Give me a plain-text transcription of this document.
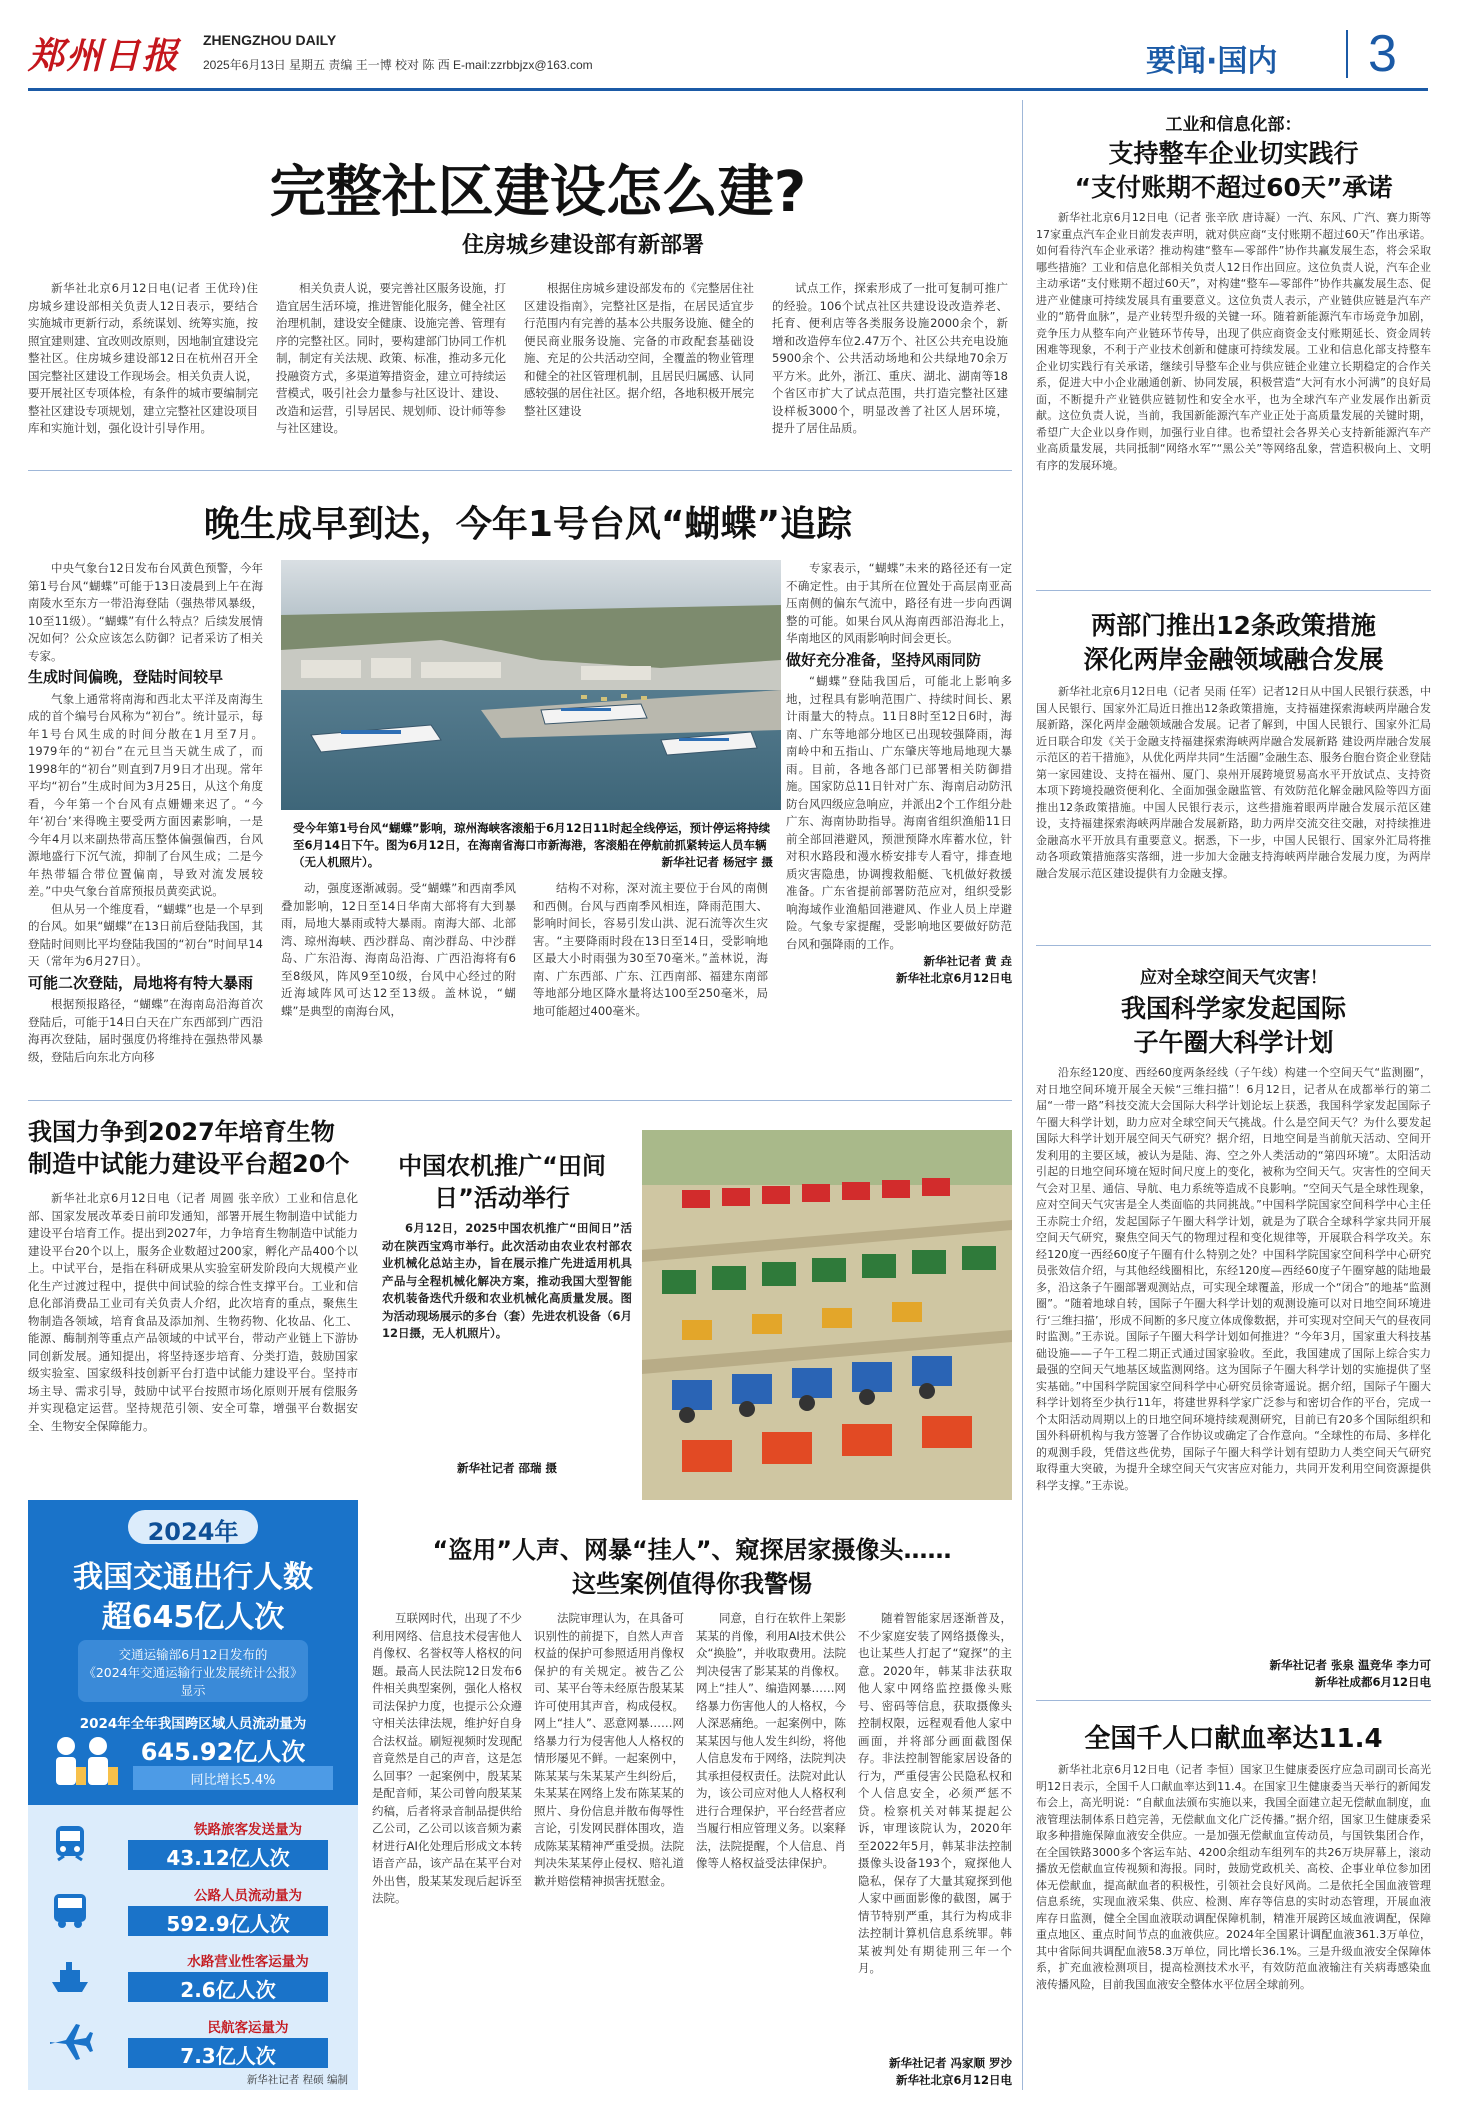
郑州日报 ZHENGZHOU DAILY
2025年6月13日 星期五 责编 王一博 校对 陈 西 E-mail:zzrbbjzx@163.com	要闻·国内 3
完整社区建设怎么建?
住房城乡建设部有新部署

新华社北京6月12日电(记者 王优玲)住房城乡建设部相关负责人12日表示，要结合实施城市更新行动，系统谋划、统筹实施，按照宜建则建、宜改则改原则，因地制宜建设完整社区。住房城乡建设部12日在杭州召开全国完整社区建设工作现场会。相关负责人说，要开展社区专项体检，有条件的城市要编制完整社区建设专项规划，建立完整社区建设项目库和实施计划，强化设计引导作用。

相关负责人说，要完善社区服务设施，打造宜居生活环境，推进智能化服务，健全社区治理机制，建设安全健康、设施完善、管理有序的完整社区。同时，要构建部门协同工作机制，制定有关法规、政策、标准，推动多元化投融资方式，多渠道筹措资金，建立可持续运营模式，吸引社会力量参与社区设计、建设、改造和运营，引导居民、规划师、设计师等参与社区建设。

根据住房城乡建设部发布的《完整居住社区建设指南》，完整社区是指，在居民适宜步行范围内有完善的基本公共服务设施、健全的便民商业服务设施、完备的市政配套基础设施、充足的公共活动空间，全覆盖的物业管理和健全的社区管理机制，且居民归属感、认同感较强的居住社区。据介绍，各地积极开展完整社区建设

试点工作，探索形成了一批可复制可推广的经验。106个试点社区共建设设改造养老、托育、便利店等各类服务设施2000余个，新增和改造停车位2.47万个、社区公共充电设施5900余个、公共活动场地和公共绿地70余万平方米。此外，浙江、重庆、湖北、湖南等18个省区市扩大了试点范围，共打造完整社区建设样板3000个，明显改善了社区人居环境，提升了居住品质。

晚生成早到达，今年1号台风“蝴蝶”追踪

中央气象台12日发布台风黄色预警，今年第1号台风“蝴蝶”可能于13日凌晨到上午在海南陵水至东方一带沿海登陆（强热带风暴级，10至11级）。“蝴蝶”有什么特点？后续发展情况如何？公众应该怎么防御？记者采访了相关专家。

生成时间偏晚，登陆时间较早

气象上通常将南海和西北太平洋及南海生成的首个编号台风称为“初台”。统计显示，每年1号台风生成的时间分散在1月至7月。1979年的“初台”在元旦当天就生成了，而1998年的“初台”则直到7月9日才出现。常年平均“初台”生成时间为3月25日，从这个角度看，今年第一个台风有点姗姗来迟了。“今年‘初台’来得晚主要受两方面因素影响，一是今年4月以来副热带高压整体偏强偏西，台风源地盛行下沉气流，抑制了台风生成；二是今年热带辐合带位置偏南，导致对流发展较差。”中央气象台首席预报员黄奕武说。

但从另一个维度看，“蝴蝶”也是一个早到的台风。如果“蝴蝶”在13日前后登陆我国，其登陆时间则比平均登陆我国的“初台”时间早14天（常年为6月27日）。

可能二次登陆，局地将有特大暴雨

根据预报路径，“蝴蝶”在海南岛沿海首次登陆后，可能于14日白天在广东西部到广西沿海再次登陆，届时强度仍将维持在强热带风暴级，登陆后向东北方向移

受今年第1号台风“蝴蝶”影响，琼州海峡客滚船于6月12日11时起全线停运，预计停运将持续至6月14日下午。图为6月12日，在海南省海口市新海港，客滚船在停航前抓紧转运人员车辆（无人机照片）。	新华社记者 杨冠宇 摄

动，强度逐渐减弱。受“蝴蝶”和西南季风叠加影响，12日至14日华南大部将有大到暴雨，局地大暴雨或特大暴雨。南海大部、北部湾、琼州海峡、西沙群岛、南沙群岛、中沙群岛、广东沿海、海南岛沿海、广西沿海将有6至8级风，阵风9至10级，台风中心经过的附近海域阵风可达12至13级。盖林说，“蝴蝶”是典型的南海台风，

结构不对称，深对流主要位于台风的南侧和西侧。台风与西南季风相连，降雨范围大、影响时间长，容易引发山洪、泥石流等次生灾害。“主要降雨时段在13日至14日，受影响地区最大小时雨强为30至70毫米。”盖林说，海南、广东西部、广东、江西南部、福建东南部等地部分地区降水量将达100至250毫米，局地可能超过400毫米。

专家表示，“蝴蝶”未来的路径还有一定不确定性。由于其所在位置处于高层南亚高压南侧的偏东气流中，路径有进一步向西调整的可能。如果台风从海南西部沿海北上，华南地区的风雨影响时间会更长。

做好充分准备，坚持风雨同防

“蝴蝶”登陆我国后，可能北上影响多地，过程具有影响范围广、持续时间长、累计雨量大的特点。11日8时至12日6时，海南、广东等地部分地区已出现较强降雨，海南岭中和五指山、广东肇庆等地局地现大暴雨。目前，各地各部门已部署相关防御措施。国家防总11日针对广东、海南启动防汛防台风四级应急响应，并派出2个工作组分赴广东、海南协助指导。海南省组织渔船11日前全部回港避风，预泄预降水库蓄水位，针对积水路段和漫水桥安排专人看守，排查地质灾害隐患，协调搜救船艇、飞机做好救援准备。广东省提前部署防范应对，组织受影响海域作业渔船回港避风、作业人员上岸避险。气象专家提醒，受影响地区要做好防范台风和强降雨的工作。

新华社记者 黄 垚
新华社北京6月12日电
我国力争到2027年培育生物制造中试能力建设平台超20个

新华社北京6月12日电（记者 周圆 张辛欣）工业和信息化部、国家发展改革委日前印发通知，部署开展生物制造中试能力建设平台培育工作。提出到2027年，力争培育生物制造中试能力建设平台20个以上，服务企业数超过200家，孵化产品400个以上。中试平台，是指在科研成果从实验室研发阶段向大规模产业化生产过渡过程中，提供中间试验的综合性支撑平台。工业和信息化部消费品工业司有关负责人介绍，此次培育的重点，聚焦生物制造各领域，培育食品及添加剂、生物药物、化妆品、化工、能源、酶制剂等重点产品领域的中试平台，带动产业链上下游协同创新发展。通知提出，将坚持逐步培育、分类打造，鼓励国家级实验室、国家级科技创新平台打造中试能力建设平台。坚持市场主导、需求引导，鼓励中试平台按照市场化原则开展有偿服务并实现稳定运营。坚持规范引领、安全可靠，增强平台数据安全、生物安全保障能力。

中国农机推广“田间日”活动举行

6月12日，2025中国农机推广“田间日”活动在陕西宝鸡市举行。此次活动由农业农村部农业机械化总站主办，旨在展示推广先进适用机具产品与全程机械化解决方案，推动我国大型智能农机装备迭代升级和农业机械化高质量发展。图为活动现场展示的多台（套）先进农机设备（6月12日摄，无人机照片）。

新华社记者 邵瑞 摄
2024年
我国交通出行人数
超645亿人次
交通运输部6月12日发布的
《2024年交通运输行业发展统计公报》
显示
2024年全年我国跨区域人员流动量为
645.92亿人次
同比增长5.4%
铁路旅客发送量为
43.12亿人次
公路人员流动量为
592.9亿人次
水路营业性客运量为
2.6亿人次
民航客运量为
7.3亿人次
新华社记者 程硕 编制
“盗用”人声、网暴“挂人”、窥探居家摄像头……
这些案例值得你我警惕

互联网时代，出现了不少利用网络、信息技术侵害他人肖像权、名誉权等人格权的问题。最高人民法院12日发布6件相关典型案例，强化人格权司法保护力度，也提示公众遵守相关法律法规，维护好自身合法权益。刷短视频时发现配音竟然是自己的声音，这是怎么回事？一起案例中，殷某某是配音师，某公司曾向殷某某约稿，后者将录音制品提供给乙公司，乙公司以该音频为素材进行AI化处理后形成文本转语音产品，该产品在某平台对外出售，殷某某发现后起诉至法院。

法院审理认为，在具备可识别性的前提下，自然人声音权益的保护可参照适用肖像权保护的有关规定。被告乙公司、某平台等未经原告殷某某许可使用其声音，构成侵权。网上“挂人”、恶意网暴……网络暴力行为侵害他人人格权的情形屡见不鲜。一起案例中，陈某某与朱某某产生纠纷后，朱某某在网络上发布陈某某的照片、身份信息并散布侮辱性言论，引发网民群体围攻，造成陈某某精神严重受损。法院判决朱某某停止侵权、赔礼道歉并赔偿精神损害抚慰金。

同意，自行在软件上架影某某的肖像，利用AI技术供公众“换脸”，并收取费用。法院判决侵害了影某某的肖像权。网上“挂人”、编造网暴……网络暴力伤害他人的人格权，今人深恶痛绝。一起案例中，陈某某因与他人发生纠纷，将他人信息发布于网络，法院判决其承担侵权责任。法院对此认为，该公司应对他人人格权利进行合理保护，平台经营者应当履行相应管理义务。以案释法，法院提醒，个人信息、肖像等人格权益受法律保护。

随着智能家居逐渐普及，不少家庭安装了网络摄像头，也让某些人打起了“窥探”的主意。2020年，韩某非法获取他人家中网络监控摄像头账号、密码等信息，获取摄像头控制权限，远程观看他人家中画面，并将部分画面截图保存。非法控制智能家居设备的行为，严重侵害公民隐私权和个人信息安全，必须严惩不贷。检察机关对韩某提起公诉，审理该院认为，2020年至2022年5月，韩某非法控制摄像头设备193个，窥探他人隐私，保存了大量其窥探到他人家中画面影像的截图，属于情节特别严重，其行为构成非法控制计算机信息系统罪。韩某被判处有期徒刑三年一个月。

新华社记者 冯家顺 罗沙
新华社北京6月12日电
工业和信息化部：
支持整车企业切实践行
“支付账期不超过60天”承诺

新华社北京6月12日电（记者 张辛欣 唐诗凝）一汽、东风、广汽、赛力斯等17家重点汽车企业日前发表声明，就对供应商“支付账期不超过60天”作出承诺。如何看待汽车企业承诺？推动构建“整车—零部件”协作共赢发展生态，将会采取哪些措施？工业和信息化部相关负责人12日作出回应。这位负责人说，汽车企业主动承诺“支付账期不超过60天”，对构建“整车—零部件”协作共赢发展生态、促进产业健康可持续发展具有重要意义。这位负责人表示，产业链供应链是汽车产业的“筋骨血脉”，是产业转型升级的关键一环。随着新能源汽车市场竞争加剧，竞争压力从整车向产业链环节传导，出现了供应商资金支付账期延长、资金周转困难等现象，不利于产业技术创新和健康可持续发展。工业和信息化部支持整车企业切实践行有关承诺，继续引导整车企业与供应链企业建立长期稳定的合作关系，促进大中小企业融通创新、协同发展，积极营造“大河有水小河满”的良好局面，不断提升产业链供应链韧性和安全水平，也为全球汽车产业发展作出新贡献。这位负责人说，当前，我国新能源汽车产业正处于高质量发展的关键时期，希望广大企业以身作则，加强行业自律。也希望社会各界关心支持新能源汽车产业高质量发展，共同抵制“网络水军”“黑公关”等网络乱象，营造积极向上、文明有序的发展环境。

两部门推出12条政策措施
深化两岸金融领域融合发展

新华社北京6月12日电（记者 吴雨 任军）记者12日从中国人民银行获悉，中国人民银行、国家外汇局近日推出12条政策措施，支持福建探索海峡两岸融合发展新路，深化两岸金融领域融合发展。记者了解到，中国人民银行、国家外汇局近日联合印发《关于金融支持福建探索海峡两岸融合发展新路 建设两岸融合发展示范区的若干措施》，从优化两岸共同“生活圈”金融生态、服务台胞台资企业登陆第一家园建设、支持在福州、厦门、泉州开展跨境贸易高水平开放试点、支持资本项下跨境投融资便利化、全面加强金融监管、有效防范化解金融风险等四方面推出12条政策措施。中国人民银行表示，这些措施着眼两岸融合发展示范区建设，支持福建探索海峡两岸融合发展新路，助力两岸交流交往交融，对持续推进金融高水平开放具有重要意义。据悉，下一步，中国人民银行、国家外汇局将推动各项政策措施落实落细，进一步加大金融支持海峡两岸融合发展力度，为两岸融合发展示范区建设提供有力金融支撑。

应对全球空间天气灾害！
我国科学家发起国际
子午圈大科学计划

沿东经120度、西经60度两条经线（子午线）构建一个空间天气“监测圈”，对日地空间环境开展全天候“三维扫描”！6月12日，记者从在成都举行的第二届“一带一路”科技交流大会国际大科学计划论坛上获悉，我国科学家发起国际子午圈大科学计划，助力应对全球空间天气挑战。什么是空间天气？为什么要发起国际大科学计划开展空间天气研究？据介绍，日地空间是当前航天活动、空间开发利用的主要区域，被认为是陆、海、空之外人类活动的“第四环境”。太阳活动引起的日地空间环境在短时间尺度上的变化，被称为空间天气。灾害性的空间天气会对卫星、通信、导航、电力系统等造成不良影响。“空间天气是全球性现象，应对空间天气灾害是全人类面临的共同挑战。”中国科学院国家空间科学中心主任王赤院士介绍，发起国际子午圈大科学计划，就是为了联合全球科学家共同开展空间天气研究，聚焦空间天气的物理过程和变化规律等，开展联合科学攻关。东经120度一西经60度子午圈有什么特别之处？中国科学院国家空间科学中心研究员张效信介绍，与其他经线圈相比，东经120度—西经60度子午圈穿越的陆地最多，沿这条子午圈部署观测站点，可实现全球覆盖，形成一个“闭合”的地基“监测圈”。“随着地球自转，国际子午圈大科学计划的观测设施可以对日地空间环境进行‘三维扫描’，形成不间断的多尺度立体成像数据，并可实现对空间天气的昼夜同时监测。”王赤说。国际子午圈大科学计划如何推进？“今年3月，国家重大科技基础设施——子午工程二期正式通过国家验收。至此，我国建成了国际上综合实力最强的空间天气地基区域监测网络。这为国际子午圈大科学计划的实施提供了坚实基础。”中国科学院国家空间科学中心研究员徐寄遥说。据介绍，国际子午圈大科学计划将至少执行11年，将建世界科学家广泛参与和密切合作的平台，完成一个太阳活动周期以上的日地空间环境持续观测研究，目前已有20多个国际组织和国外科研机构与我方签署了合作协议或确定了合作意向。“全球性的布局、多样化的观测手段，凭借这些优势，国际子午圈大科学计划有望助力人类空间天气研究取得重大突破，为提升全球空间天气灾害应对能力，共同开发利用空间资源提供科学支撑。”王赤说。

新华社记者 张泉 温竞华 李力可
新华社成都6月12日电
全国千人口献血率达11.4

新华社北京6月12日电（记者 李恒）国家卫生健康委医疗应急司副司长高光明12日表示，全国千人口献血率达到11.4。在国家卫生健康委当天举行的新闻发布会上，高光明说：“自献血法颁布实施以来，我国全面建立起无偿献血制度，血液管理法制体系日趋完善，无偿献血文化广泛传播。”据介绍，国家卫生健康委采取多种措施保障血液安全供应。一是加强无偿献血宣传动员，与国铁集团合作，在全国铁路3000多个客运车站、4200余组动车组列车的共26万块屏幕上，滚动播放无偿献血宣传视频和海报。同时，鼓励党政机关、高校、企事业单位参加团体无偿献血，提高献血者的积极性，引领社会良好风尚。二是依托全国血液管理信息系统，实现血液采集、供应、检测、库存等信息的实时动态管理，开展血液库存日监测，健全全国血液联动调配保障机制，精准开展跨区域血液调配，保障重点地区、重点时间节点的血液供应。2024年全国累计调配血液361.3万单位，其中省际间共调配血液58.3万单位，同比增长36.1%。三是升级血液安全保障体系，扩充血液检测项目，提高检测技术水平，有效防范血液输注有关病毒感染血液传播风险，目前我国血液安全整体水平位居全球前列。
